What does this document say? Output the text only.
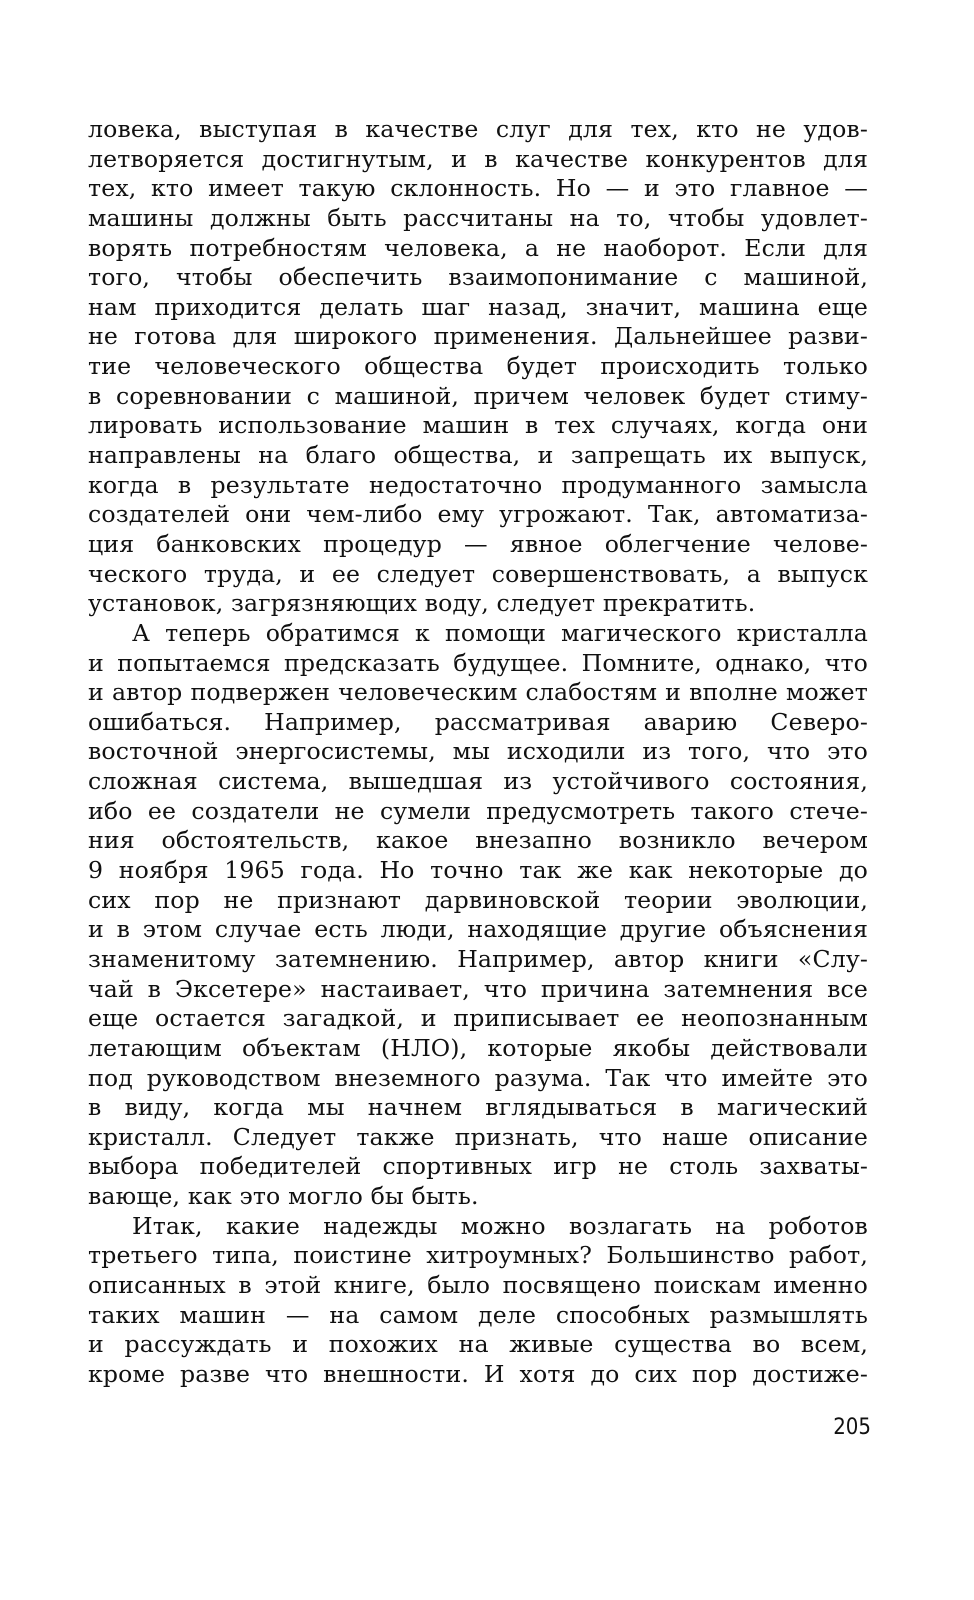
ловека, выступая в качестве слуг для тех, кто не удов-
летворяется достигнутым, и в качестве конкурентов для
тех, кто имеет такую склонность. Но — и это главное —
машины должны быть рассчитаны на то, чтобы удовлет-
ворять потребностям человека, а не наоборот. Если для
того, чтобы обеспечить взаимопонимание с машиной,
нам приходится делать шаг назад, значит, машина еще
не готова для широкого применения. Дальнейшее разви-
тие человеческого общества будет происходить только
в соревновании с машиной, причем человек будет стиму-
лировать использование машин в тех случаях, когда они
направлены на благо общества, и запрещать их выпуск,
когда в результате недостаточно продуманного замысла
создателей они чем-либо ему угрожают. Так, автоматиза-
ция банковских процедур — явное облегчение челове-
ческого труда, и ее следует совершенствовать, а выпуск
установок, загрязняющих воду, следует прекратить.
А теперь обратимся к помощи магического кристалла
и попытаемся предсказать будущее. Помните, однако, что
и автор подвержен человеческим слабостям и вполне может
ошибаться. Например, рассматривая аварию Северо-
восточной энергосистемы, мы исходили из того, что это
сложная система, вышедшая из устойчивого состояния,
ибо ее создатели не сумели предусмотреть такого стече-
ния обстоятельств, какое внезапно возникло вечером
9 ноября 1965 года. Но точно так же как некоторые до
сих пор не признают дарвиновской теории эволюции,
и в этом случае есть люди, находящие другие объяснения
знаменитому затемнению. Например, автор книги «Слу-
чай в Эксетере» настаивает, что причина затемнения все
еще остается загадкой, и приписывает ее неопознанным
летающим объектам (НЛО), которые якобы действовали
под руководством внеземного разума. Так что имейте это
в виду, когда мы начнем вглядываться в магический
кристалл. Следует также признать, что наше описание
выбора победителей спортивных игр не столь захваты-
вающе, как это могло бы быть.
Итак, какие надежды можно возлагать на роботов
третьего типа, поистине хитроумных? Большинство работ,
описанных в этой книге, было посвящено поискам именно
таких машин — на самом деле способных размышлять
и рассуждать и похожих на живые существа во всем,
кроме разве что внешности. И хотя до сих пор достиже-
205
